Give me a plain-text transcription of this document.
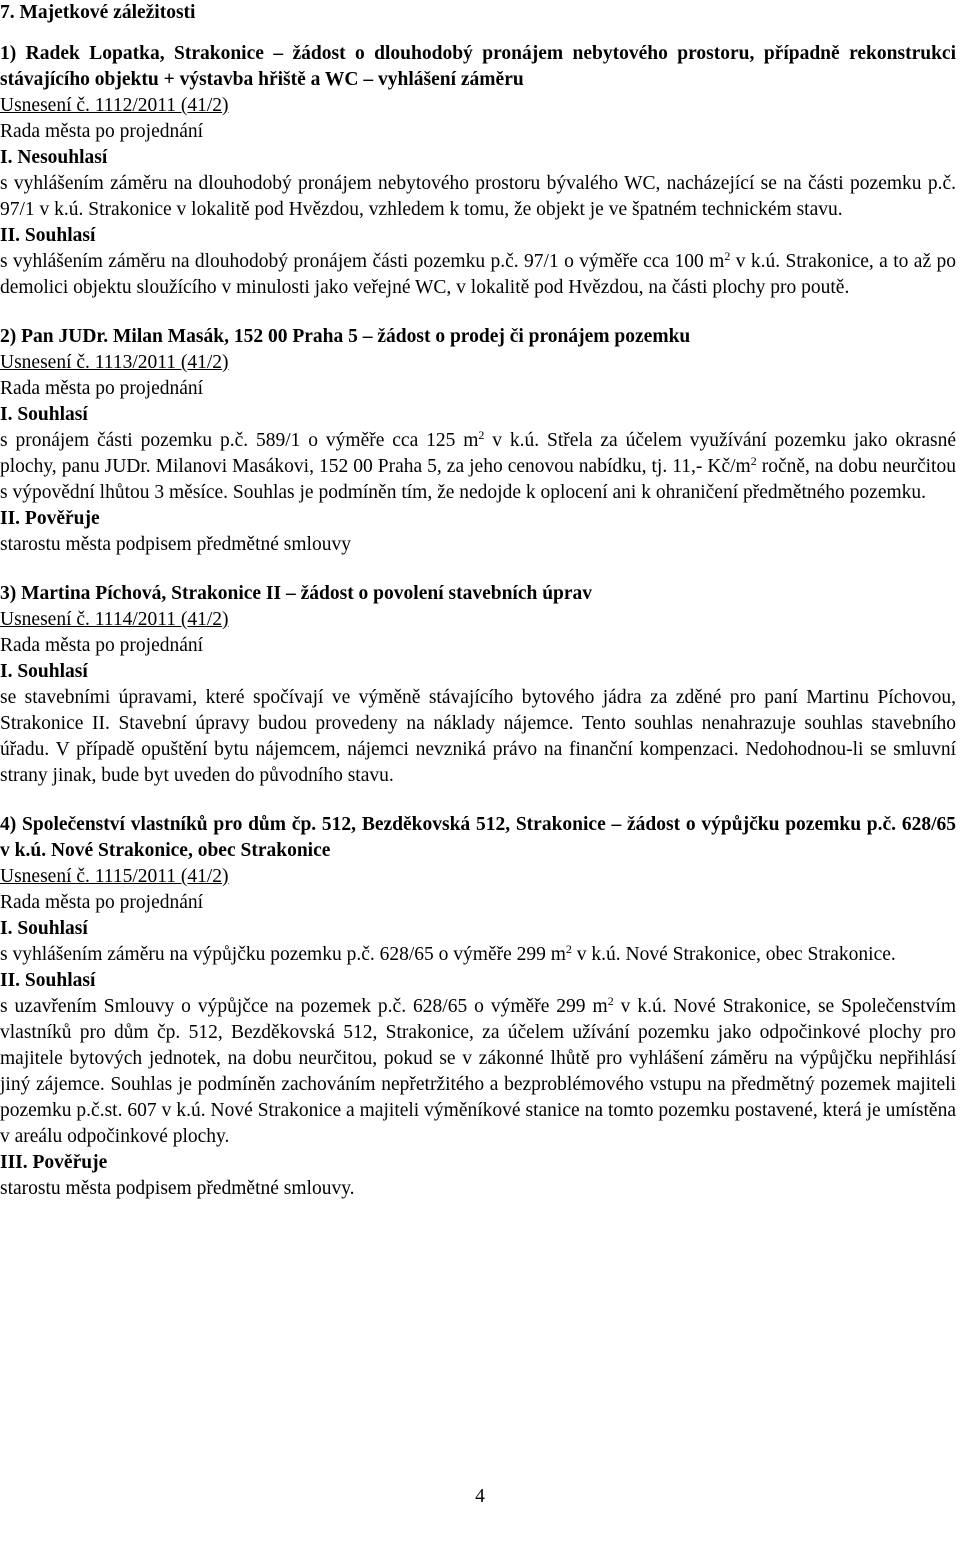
7. Majetkové záležitosti
1) Radek Lopatka, Strakonice – žádost o dlouhodobý pronájem nebytového prostoru, případně rekonstrukci stávajícího objektu + výstavba hřiště a WC – vyhlášení záměru
Usnesení č. 1112/2011 (41/2)
Rada města po projednání
I. Nesouhlasí
s vyhlášením záměru na dlouhodobý pronájem nebytového prostoru bývalého WC, nacházející se na části pozemku p.č. 97/1 v k.ú. Strakonice v lokalitě pod Hvězdou, vzhledem k tomu, že objekt je ve špatném technickém stavu.
II. Souhlasí
s vyhlášením záměru na dlouhodobý pronájem části pozemku p.č. 97/1 o výměře cca 100 $m^2$ v k.ú. Strakonice, a to až po demolici objektu sloužícího v minulosti jako veřejné WC, v lokalitě pod Hvězdou, na části plochy pro poutě.
2) Pan JUDr. Milan Masák, 152 00 Praha 5 – žádost o prodej či pronájem pozemku
Usnesení č. 1113/2011 (41/2)
Rada města po projednání
I. Souhlasí
s pronájem části pozemku p.č. 589/1 o výměře cca 125 $m^2$ v k.ú. Střela za účelem využívání pozemku jako okrasné plochy, panu JUDr. Milanovi Masákovi, 152 00 Praha 5, za jeho cenovou nabídku, tj. 11,- $Kč/m^2$ ročně, na dobu neurčitou s výpovědní lhůtou 3 měsíce. Souhlas je podmíněn tím, že nedojde k oplocení ani k ohraničení předmětného pozemku.
II. Pověřuje
starostu města podpisem předmětné smlouvy
3) Martina Píchová, Strakonice II – žádost o povolení stavebních úprav
Usnesení č. 1114/2011 (41/2)
Rada města po projednání
I. Souhlasí
se stavebními úpravami, které spočívají ve výměně stávajícího bytového jádra za zděné pro paní Martinu Píchovou, Strakonice II. Stavební úpravy budou provedeny na náklady nájemce. Tento souhlas nenahrazuje souhlas stavebního úřadu. V případě opuštění bytu nájemcem, nájemci nevzniká právo na finanční kompenzaci. Nedohodnou-li se smluvní strany jinak, bude byt uveden do původního stavu.
4) Společenství vlastníků pro dům čp. 512, Bezděkovská 512, Strakonice – žádost o výpůjčku pozemku p.č. 628/65 v k.ú. Nové Strakonice, obec Strakonice
Usnesení č. 1115/2011 (41/2)
Rada města po projednání
I. Souhlasí
s vyhlášením záměru na výpůjčku pozemku p.č. 628/65 o výměře 299 $m^2$ v k.ú. Nové Strakonice, obec Strakonice.
II. Souhlasí
s uzavřením Smlouvy o výpůjčce na pozemek p.č. 628/65 o výměře 299 $m^2$ v k.ú. Nové Strakonice, se Společenstvím vlastníků pro dům čp. 512, Bezděkovská 512, Strakonice, za účelem užívání pozemku jako odpočinkové plochy pro majitele bytových jednotek, na dobu neurčitou, pokud se v zákonné lhůtě pro vyhlášení záměru na výpůjčku nepřihlásí jiný zájemce. Souhlas je podmíněn zachováním nepřetržitého a bezproblémového vstupu na předmětný pozemek majiteli pozemku p.č.st. 607 v k.ú. Nové Strakonice a majiteli výměníkové stanice na tomto pozemku postavené, která je umístěna v areálu odpočinkové plochy.
III. Pověřuje
starostu města podpisem předmětné smlouvy.
4
